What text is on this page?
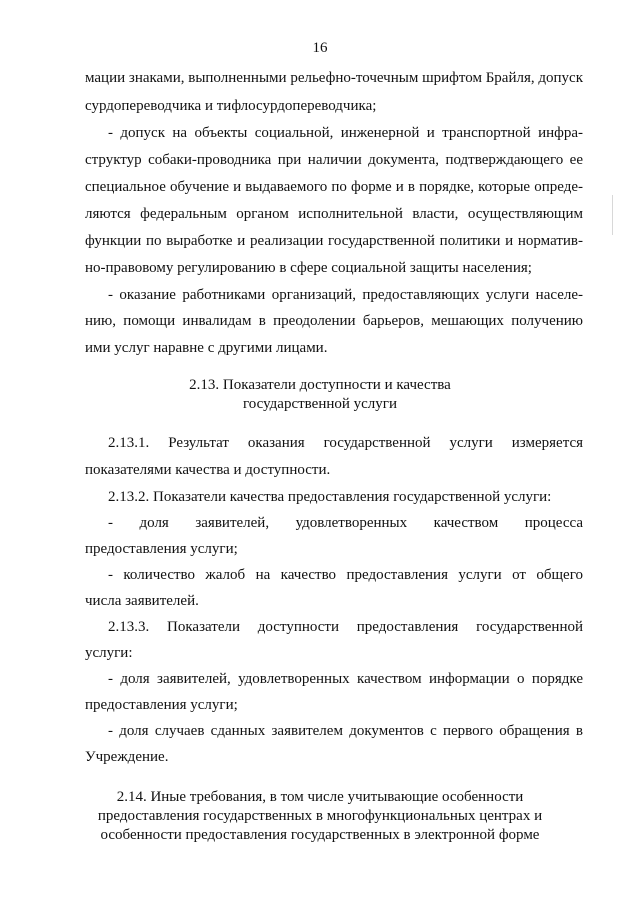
16
мации знаками, выполненными рельефно-точечным шрифтом Брайля, допуск
сурдопереводчика и тифлосурдопереводчика;
- допуск на объекты социальной, инженерной и транспортной инфра-
структур собаки-проводника при наличии документа, подтверждающего ее
специальное обучение и выдаваемого по форме и в порядке, которые опреде-
ляются федеральным органом исполнительной власти, осуществляющим
функции по выработке и реализации государственной политики и норматив-
но-правовому регулированию в сфере социальной защиты населения;
- оказание работниками организаций, предоставляющих услуги населе-
нию, помощи инвалидам в преодолении барьеров, мешающих получению
ими услуг наравне с другими лицами.
2.13. Показатели доступности и качества
государственной услуги
2.13.1. Результат оказания государственной услуги измеряется
показателями качества и доступности.
2.13.2. Показатели качества предоставления государственной услуги:
- доля заявителей, удовлетворенных качеством процесса
предоставления услуги;
- количество жалоб на качество предоставления услуги от общего
числа заявителей.
2.13.3. Показатели доступности предоставления государственной
услуги:
- доля заявителей, удовлетворенных качеством информации о порядке
предоставления услуги;
- доля случаев сданных заявителем документов с первого обращения в
Учреждение.
2.14. Иные требования, в том числе учитывающие особенности
предоставления государственных в многофункциональных центрах и
особенности предоставления государственных в электронной форме
